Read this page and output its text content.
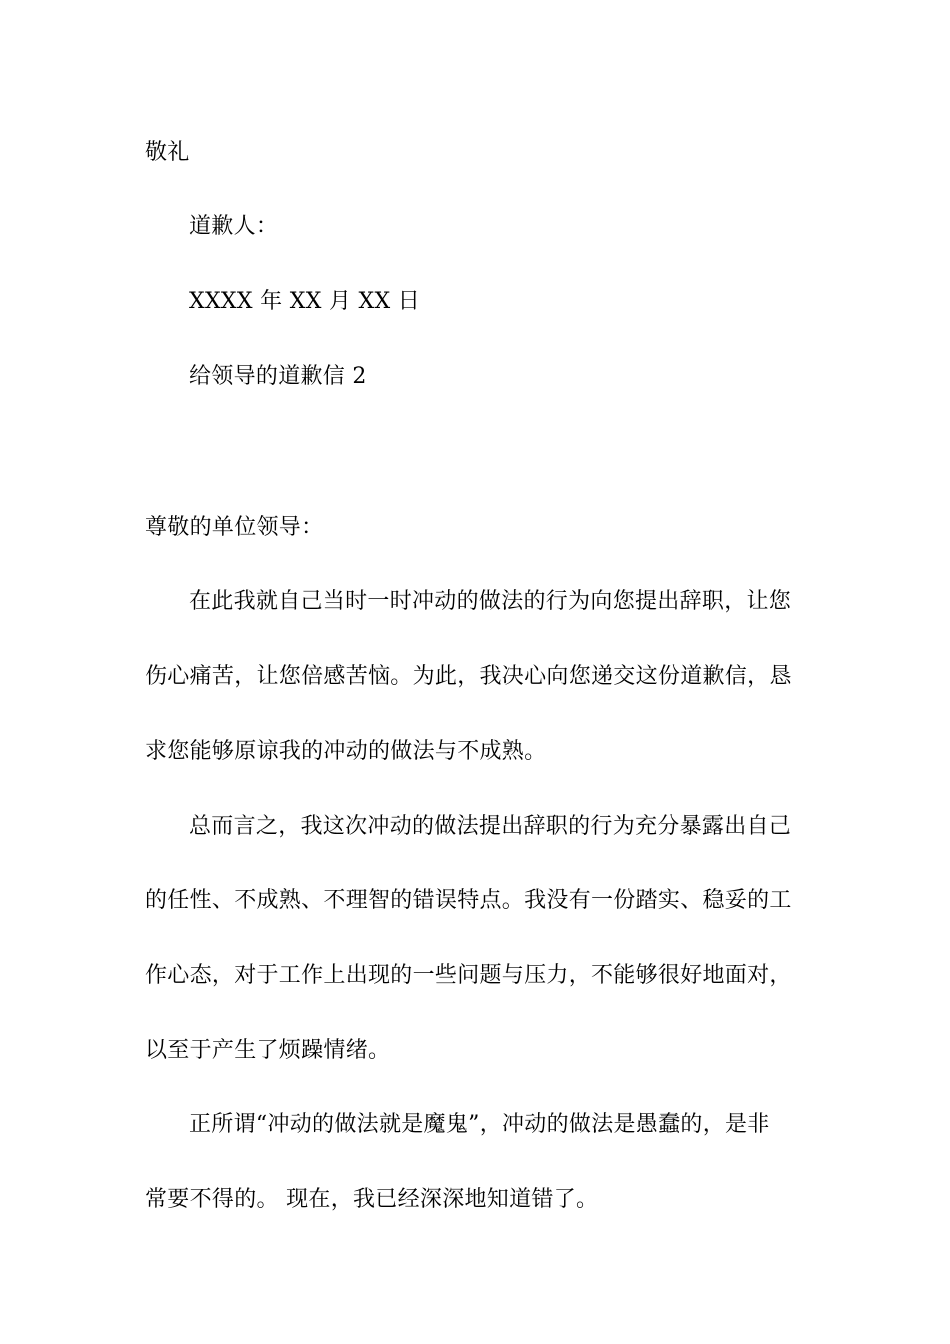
敬礼
道歉人：
XXXX 年 XX 月 XX 日
给领导的道歉信 2
尊敬的单位领导：
在此我就自己当时一时冲动的做法的行为向您提出辞职，让您
伤心痛苦，让您倍感苦恼。为此，我决心向您递交这份道歉信，恳
求您能够原谅我的冲动的做法与不成熟。
总而言之，我这次冲动的做法提出辞职的行为充分暴露出自己
的任性、不成熟、不理智的错误特点。我没有一份踏实、稳妥的工
作心态，对于工作上出现的一些问题与压力，不能够很好地面对，
以至于产生了烦躁情绪。
正所谓“冲动的做法就是魔鬼”，冲动的做法是愚蠢的，是非
常要不得的。 现在，我已经深深地知道错了。
